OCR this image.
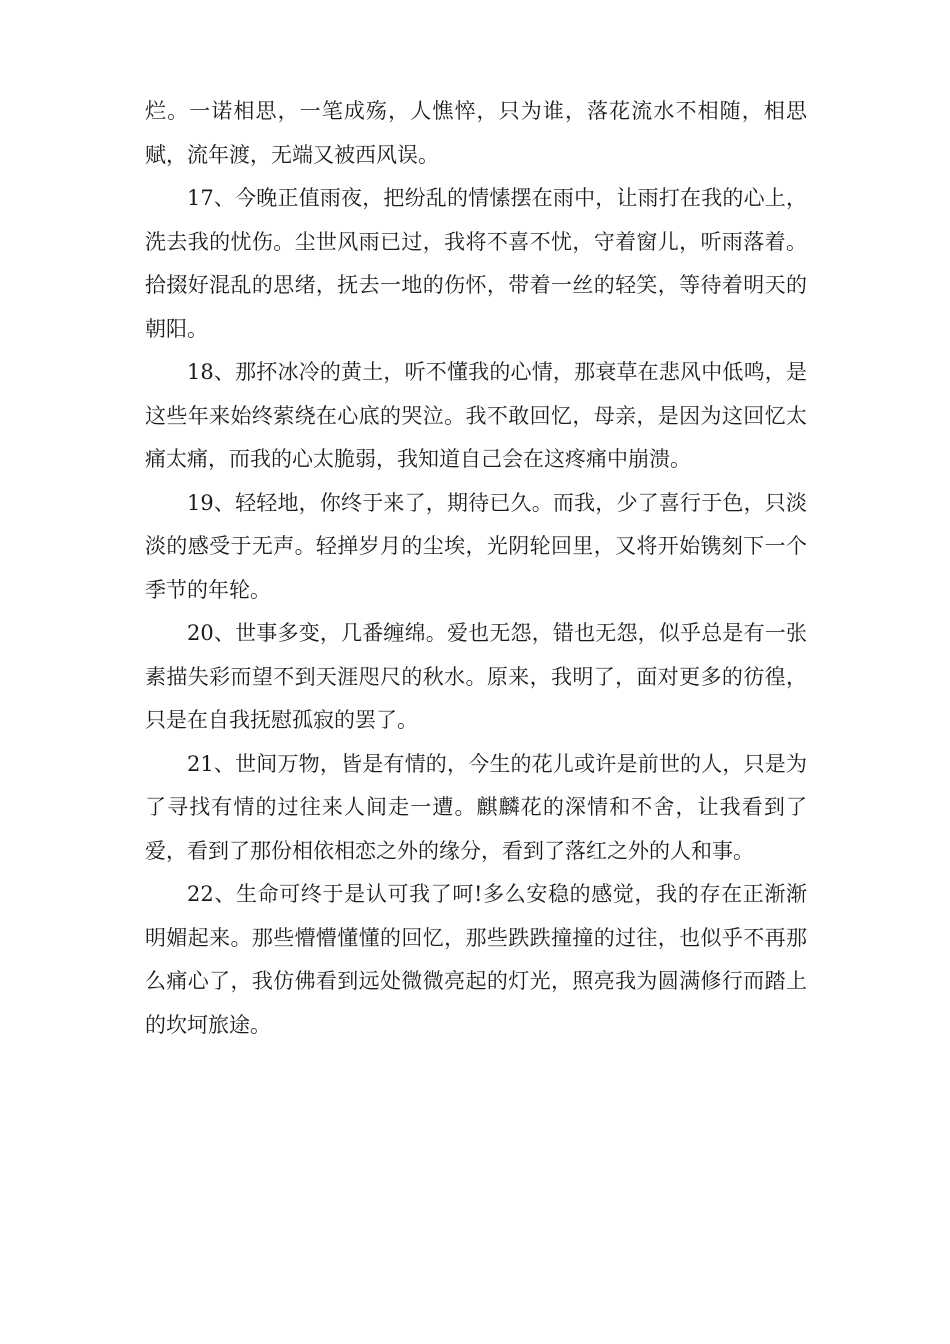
烂。一诺相思，一笔成殇，人憔悴，只为谁，落花流水不相随，相思赋，流年渡，无端又被西风误。

17、今晚正值雨夜，把纷乱的情愫摆在雨中，让雨打在我的心上，洗去我的忧伤。尘世风雨已过，我将不喜不忧，守着窗儿，听雨落着。拾掇好混乱的思绪，抚去一地的伤怀，带着一丝的轻笑，等待着明天的朝阳。

18、那抔冰冷的黄土，听不懂我的心情，那衰草在悲风中低鸣，是这些年来始终萦绕在心底的哭泣。我不敢回忆，母亲，是因为这回忆太痛太痛，而我的心太脆弱，我知道自己会在这疼痛中崩溃。

19、轻轻地，你终于来了，期待已久。而我，少了喜行于色，只淡淡的感受于无声。轻掸岁月的尘埃，光阴轮回里，又将开始镌刻下一个季节的年轮。

20、世事多变，几番缠绵。爱也无怨，错也无怨，似乎总是有一张素描失彩而望不到天涯咫尺的秋水。原来，我明了，面对更多的彷徨，只是在自我抚慰孤寂的罢了。

21、世间万物，皆是有情的，今生的花儿或许是前世的人，只是为了寻找有情的过往来人间走一遭。麒麟花的深情和不舍，让我看到了爱，看到了那份相依相恋之外的缘分，看到了落红之外的人和事。

22、生命可终于是认可我了呵!多么安稳的感觉，我的存在正渐渐明媚起来。那些懵懵懂懂的回忆，那些跌跌撞撞的过往，也似乎不再那么痛心了，我仿佛看到远处微微亮起的灯光，照亮我为圆满修行而踏上的坎坷旅途。
